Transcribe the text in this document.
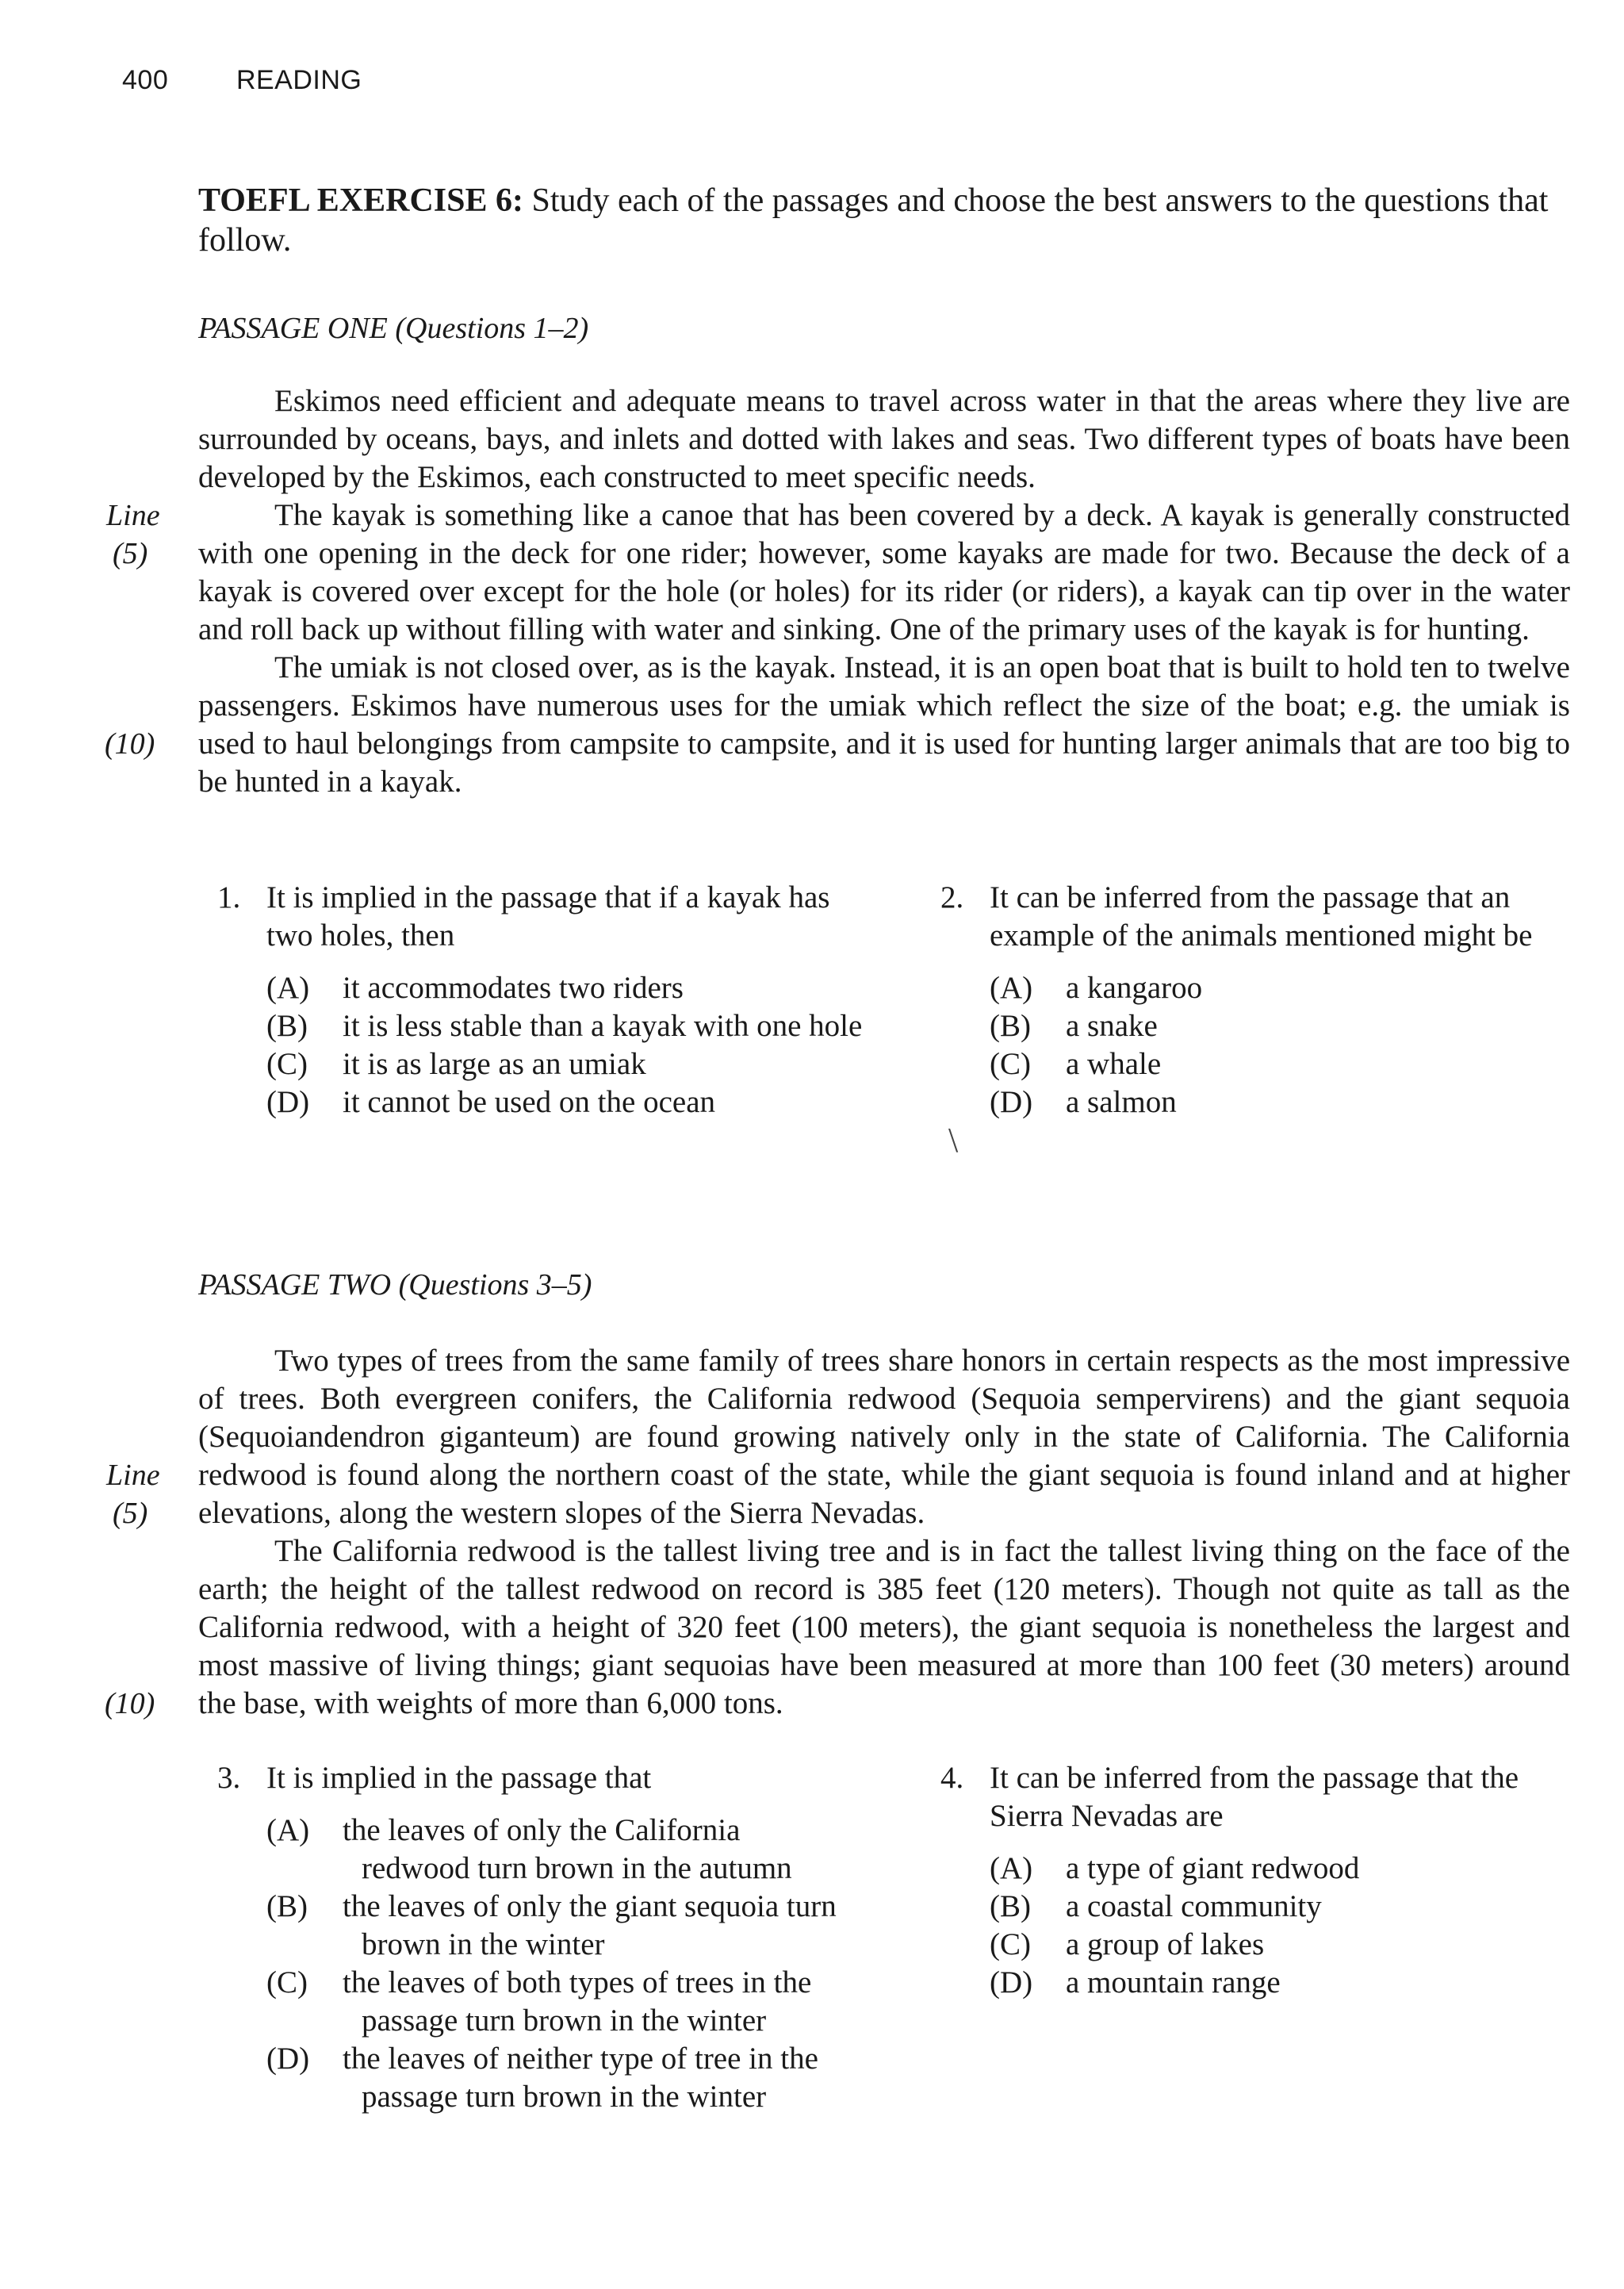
400	READING
TOEFL EXERCISE 6: Study each of the passages and choose the best answers to the questions that follow.
PASSAGE ONE (Questions 1–2)

Eskimos need efficient and adequate means to travel across water in that the areas where they live are surrounded by oceans, bays, and inlets and dotted with lakes and seas. Two different types of boats have been developed by the Eskimos, each constructed to meet specific needs.

The kayak is something like a canoe that has been covered by a deck. A kayak is generally constructed with one opening in the deck for one rider; however, some kayaks are made for two. Because the deck of a kayak is covered over except for the hole (or holes) for its rider (or riders), a kayak can tip over in the water and roll back up without filling with water and sinking. One of the primary uses of the kayak is for hunting.

The umiak is not closed over, as is the kayak. Instead, it is an open boat that is built to hold ten to twelve passengers. Eskimos have numerous uses for the umiak which reflect the size of the boat; e.g. the umiak is used to haul belongings from campsite to campsite, and it is used for hunting larger animals that are too big to be hunted in a kayak.

Line
(5)
(10)
1. It is implied in the passage that if a kayak has two holes, then
(A)	it accommodates two riders
(B)	it is less stable than a kayak with one hole
(C)	it is as large as an umiak
(D)	it cannot be used on the ocean
2. It can be inferred from the passage that an example of the animals mentioned might be
(A)	a kangaroo
(B)	a snake
(C)	a whale
(D)	a salmon
\
PASSAGE TWO (Questions 3–5)

Two types of trees from the same family of trees share honors in certain respects as the most impressive of trees. Both evergreen conifers, the California redwood (Sequoia sempervirens) and the giant sequoia (Sequoiandendron giganteum) are found growing natively only in the state of California. The California redwood is found along the northern coast of the state, while the giant sequoia is found inland and at higher elevations, along the western slopes of the Sierra Nevadas.

The California redwood is the tallest living tree and is in fact the tallest living thing on the face of the earth; the height of the tallest redwood on record is 385 feet (120 meters). Though not quite as tall as the California redwood, with a height of 320 feet (100 meters), the giant sequoia is nonetheless the largest and most massive of living things; giant sequoias have been measured at more than 100 feet (30 meters) around the base, with weights of more than 6,000 tons.

Line
(5)
(10)
3. It is implied in the passage that
(A)	the leaves of only the California redwood turn brown in the autumn
(B)	the leaves of only the giant sequoia turn brown in the winter
(C)	the leaves of both types of trees in the passage turn brown in the winter
(D)	the leaves of neither type of tree in the passage turn brown in the winter
4. It can be inferred from the passage that the Sierra Nevadas are
(A)	a type of giant redwood
(B)	a coastal community
(C)	a group of lakes
(D)	a mountain range
